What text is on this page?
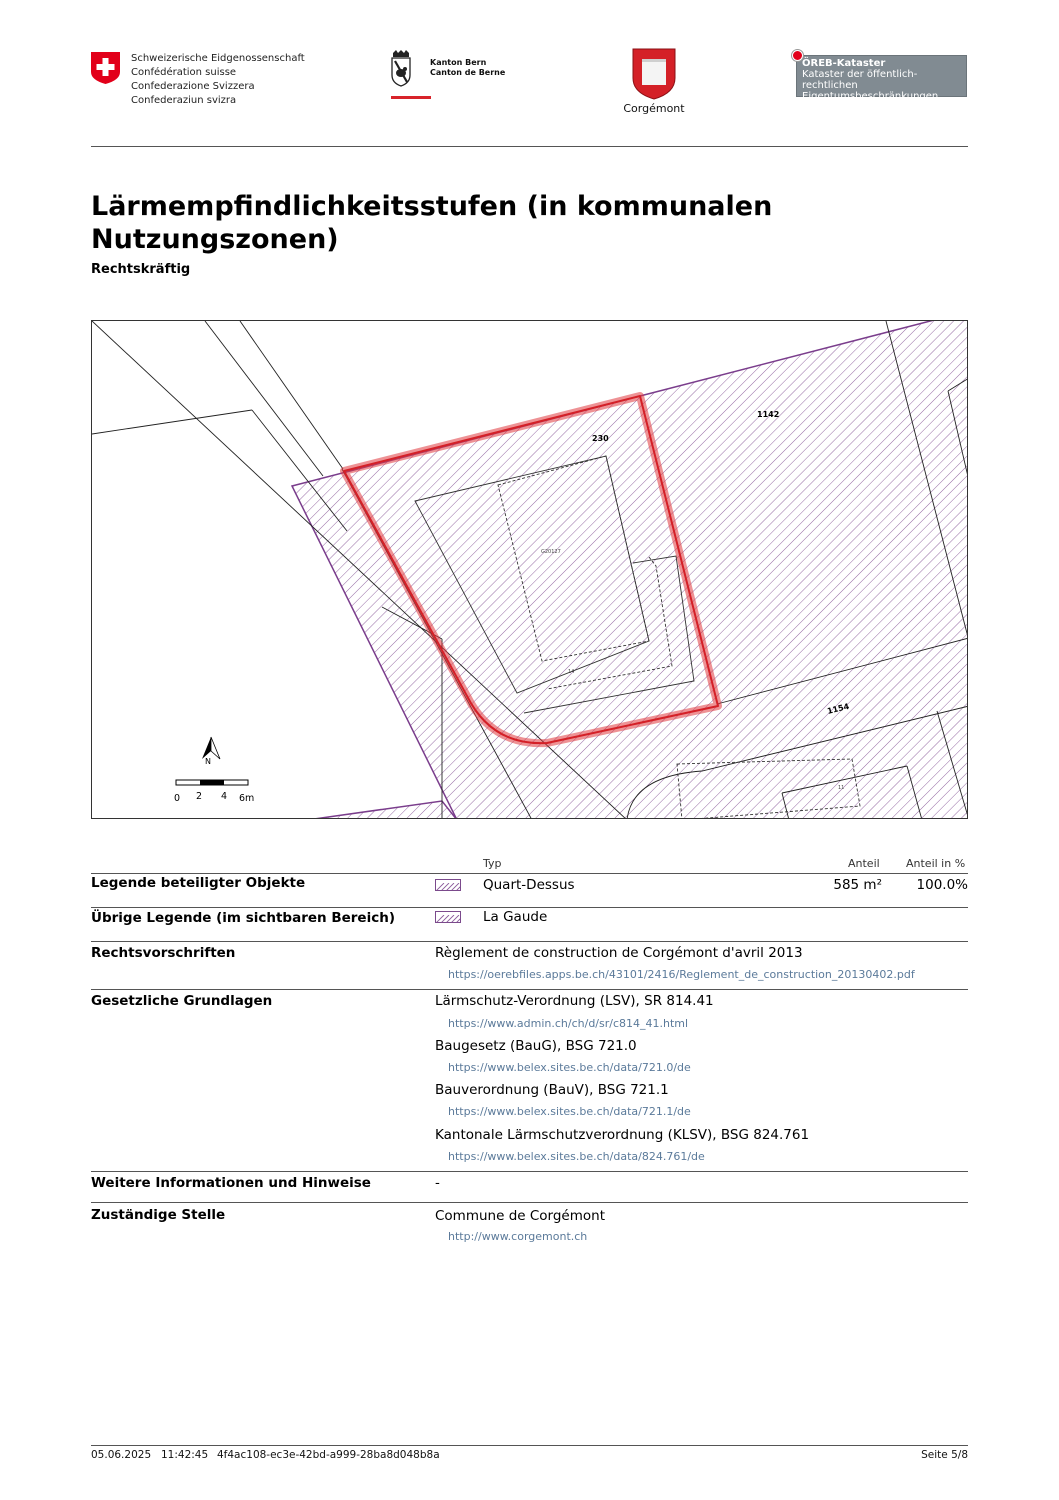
Schweizerische Eidgenossenschaft
Confédération suisse
Confederazione Svizzera
Confederaziun svizra
Kanton Bern
Canton de Berne
Corgémont
ÖREB-Kataster
Kataster der öffentlich-rechtlichen
Eigentumsbeschränkungen
Lärmempfindlichkeitsstufen (in kommunalen Nutzungszonen)
Rechtskräftig
230
1142
1154
G20127
14
11
N
0 2 4 6m
Typ	Anteil Anteil in %
Legende beteiligter Objekte	Quart-Dessus	585 m²	100.0%
Übrige Legende (im sichtbaren Bereich)	La Gaude
Rechtsvorschriften	Règlement de construction de Corgémont d'avril 2013
https://oerebfiles.apps.be.ch/43101/2416/Reglement_de_construction_20130402.pdf
Gesetzliche Grundlagen	Lärmschutz-Verordnung (LSV), SR 814.41
https://www.admin.ch/ch/d/sr/c814_41.html
Baugesetz (BauG), BSG 721.0
https://www.belex.sites.be.ch/data/721.0/de
Bauverordnung (BauV), BSG 721.1
https://www.belex.sites.be.ch/data/721.1/de
Kantonale Lärmschutzverordnung (KLSV), BSG 824.761
https://www.belex.sites.be.ch/data/824.761/de
Weitere Informationen und Hinweise	-
Zuständige Stelle	Commune de Corgémont
http://www.corgemont.ch
05.06.2025 11:42:45 4f4ac108-ec3e-42bd-a999-28ba8d048b8a	Seite 5/8
